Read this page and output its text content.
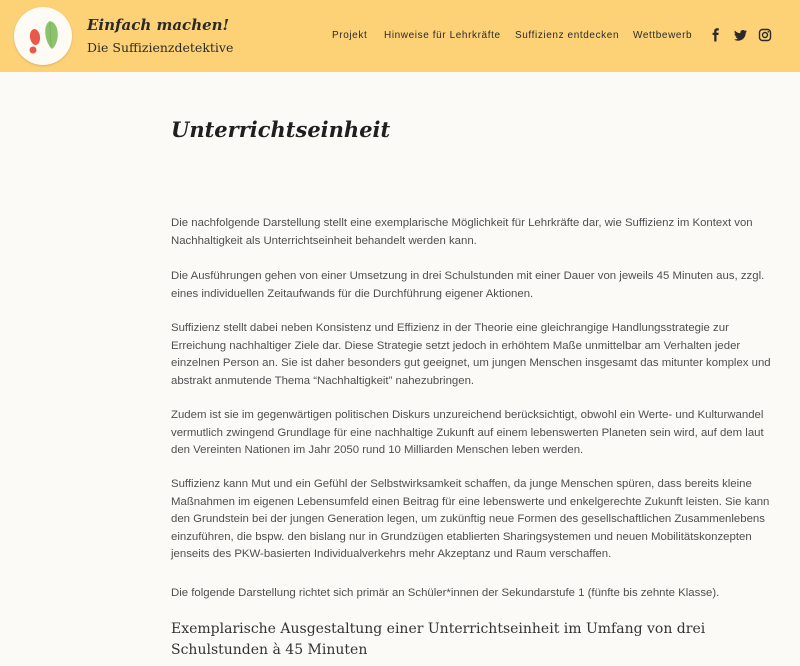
Einfach machen!
Die Suffizienzdetektive
Projekt Hinweise für Lehrkräfte Suffizienz entdecken Wettbewerb
Unterrichtseinheit

Die nachfolgende Darstellung stellt eine exemplarische Möglichkeit für Lehrkräfte dar, wie Suffizienz im Kontext von Nachhaltigkeit als Unterrichtseinheit behandelt werden kann.

Die Ausführungen gehen von einer Umsetzung in drei Schulstunden mit einer Dauer von jeweils 45 Minuten aus, zzgl. eines individuellen Zeitaufwands für die Durchführung eigener Aktionen.

Suffizienz stellt dabei neben Konsistenz und Effizienz in der Theorie eine gleichrangige Handlungsstrategie zur Erreichung nachhaltiger Ziele dar. Diese Strategie setzt jedoch in erhöhtem Maße unmittelbar am Verhalten jeder einzelnen Person an. Sie ist daher besonders gut geeignet, um jungen Menschen insgesamt das mitunter komplex und abstrakt anmutende Thema “Nachhaltigkeit” nahezubringen.

Zudem ist sie im gegenwärtigen politischen Diskurs unzureichend berücksichtigt, obwohl ein Werte- und Kulturwandel vermutlich zwingend Grundlage für eine nachhaltige Zukunft auf einem lebenswerten Planeten sein wird, auf dem laut den Vereinten Nationen im Jahr 2050 rund 10 Milliarden Menschen leben werden.

Suffizienz kann Mut und ein Gefühl der Selbstwirksamkeit schaffen, da junge Menschen spüren, dass bereits kleine Maßnahmen im eigenen Lebensumfeld einen Beitrag für eine lebenswerte und enkelgerechte Zukunft leisten. Sie kann den Grundstein bei der jungen Generation legen, um zukünftig neue Formen des gesellschaftlichen Zusammenlebens einzuführen, die bspw. den bislang nur in Grundzügen etablierten Sharingsystemen und neuen Mobilitätskonzepten jenseits des PKW-basierten Individualverkehrs mehr Akzeptanz und Raum verschaffen.

Die folgende Darstellung richtet sich primär an Schüler*innen der Sekundarstufe 1 (fünfte bis zehnte Klasse).

Exemplarische Ausgestaltung einer Unterrichtseinheit im Umfang von drei Schulstunden à 45 Minuten
